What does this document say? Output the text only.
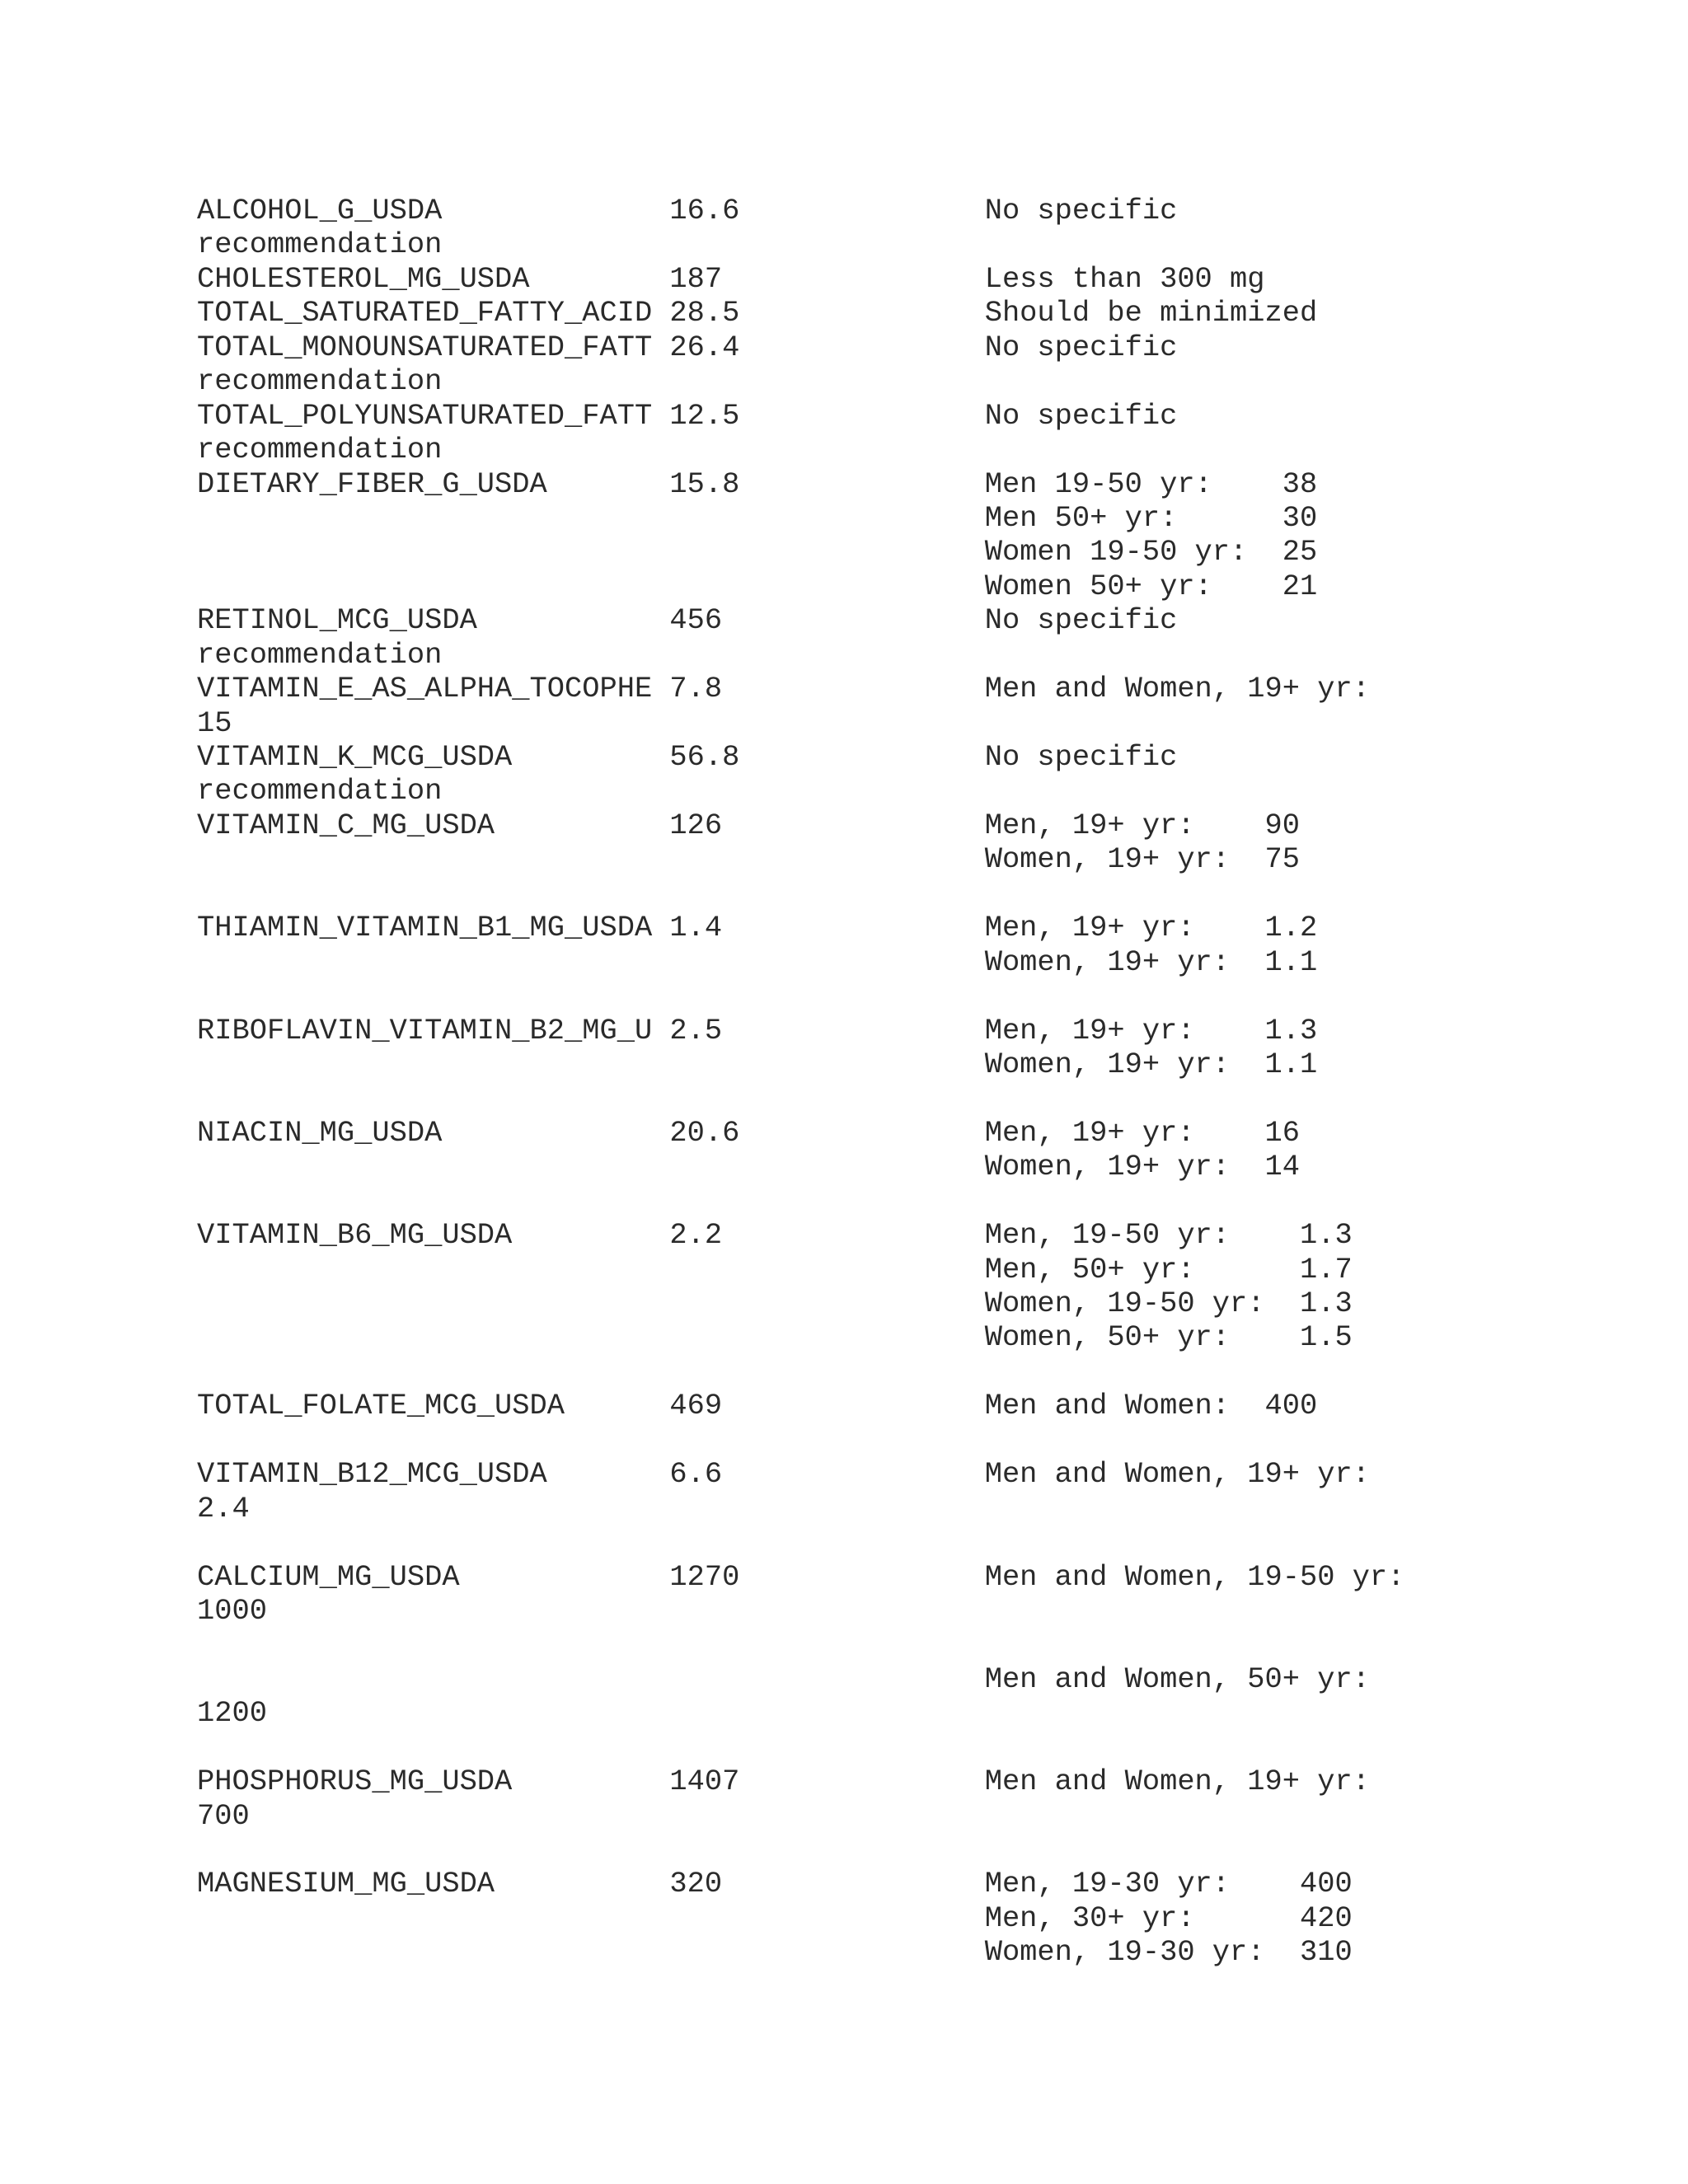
ALCOHOL_G_USDA             16.6              No specific
recommendation
CHOLESTEROL_MG_USDA        187               Less than 300 mg
TOTAL_SATURATED_FATTY_ACID 28.5              Should be minimized
TOTAL_MONOUNSATURATED_FATT 26.4              No specific
recommendation
TOTAL_POLYUNSATURATED_FATT 12.5              No specific
recommendation
DIETARY_FIBER_G_USDA       15.8              Men 19-50 yr:    38
Men 50+ yr:      30
Women 19-50 yr:  25
Women 50+ yr:    21
RETINOL_MCG_USDA           456               No specific
recommendation
VITAMIN_E_AS_ALPHA_TOCOPHE 7.8               Men and Women, 19+ yr:
15
VITAMIN_K_MCG_USDA         56.8              No specific
recommendation
VITAMIN_C_MG_USDA          126               Men, 19+ yr:    90
Women, 19+ yr:  75
THIAMIN_VITAMIN_B1_MG_USDA 1.4               Men, 19+ yr:    1.2
Women, 19+ yr:  1.1
RIBOFLAVIN_VITAMIN_B2_MG_U 2.5               Men, 19+ yr:    1.3
Women, 19+ yr:  1.1
NIACIN_MG_USDA             20.6              Men, 19+ yr:    16
Women, 19+ yr:  14
VITAMIN_B6_MG_USDA         2.2               Men, 19-50 yr:    1.3
Men, 50+ yr:      1.7
Women, 19-50 yr:  1.3
Women, 50+ yr:    1.5
TOTAL_FOLATE_MCG_USDA      469               Men and Women:  400
VITAMIN_B12_MCG_USDA       6.6               Men and Women, 19+ yr:
2.4
CALCIUM_MG_USDA            1270              Men and Women, 19-50 yr:
1000
Men and Women, 50+ yr:
1200
PHOSPHORUS_MG_USDA         1407              Men and Women, 19+ yr:
700
MAGNESIUM_MG_USDA          320               Men, 19-30 yr:    400
Men, 30+ yr:      420
Women, 19-30 yr:  310
